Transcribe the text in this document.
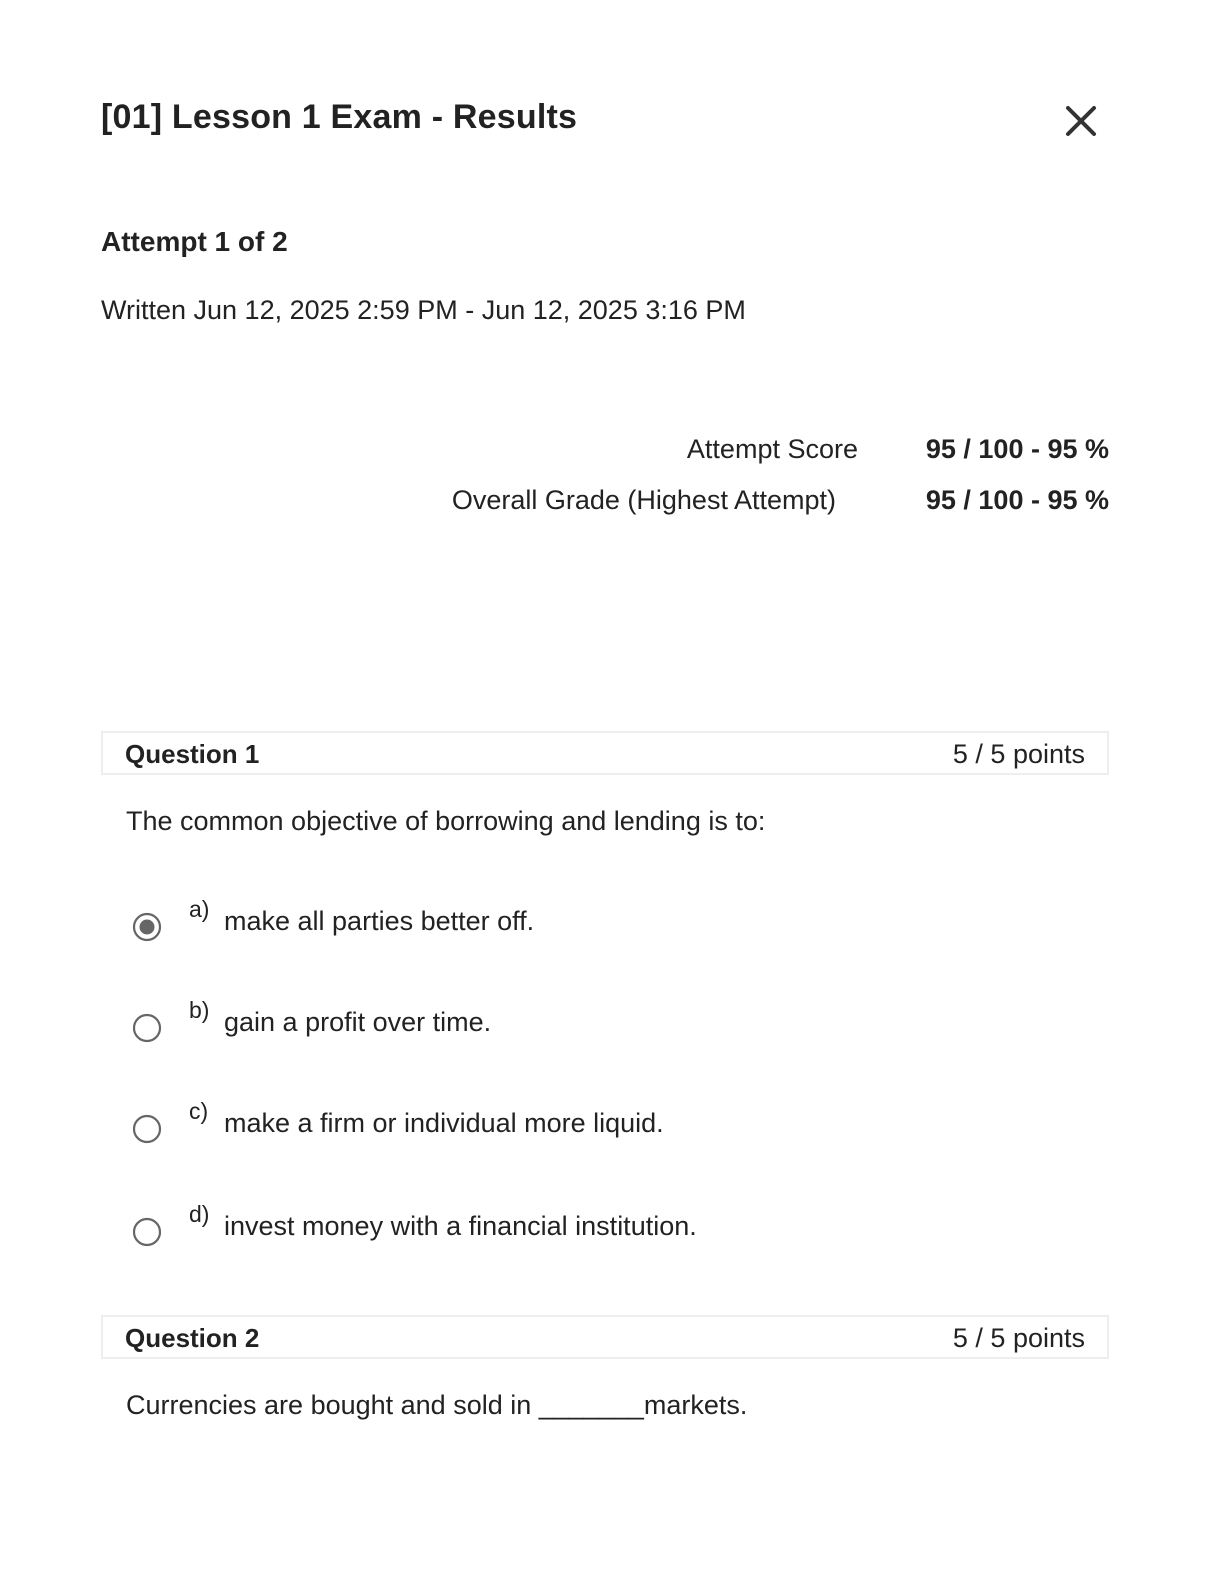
[01] Lesson 1 Exam - Results
Attempt 1 of 2
Written Jun 12, 2025 2:59 PM - Jun 12, 2025 3:16 PM
Attempt Score	95 / 100 - 95 %
Overall Grade (Highest Attempt)	95 / 100 - 95 %
Question 1	5 / 5 points
The common objective of borrowing and lending is to:
a) make all parties better off.
b) gain a profit over time.
c) make a firm or individual more liquid.
d) invest money with a financial institution.
Question 2	5 / 5 points
Currencies are bought and sold in _______markets.
